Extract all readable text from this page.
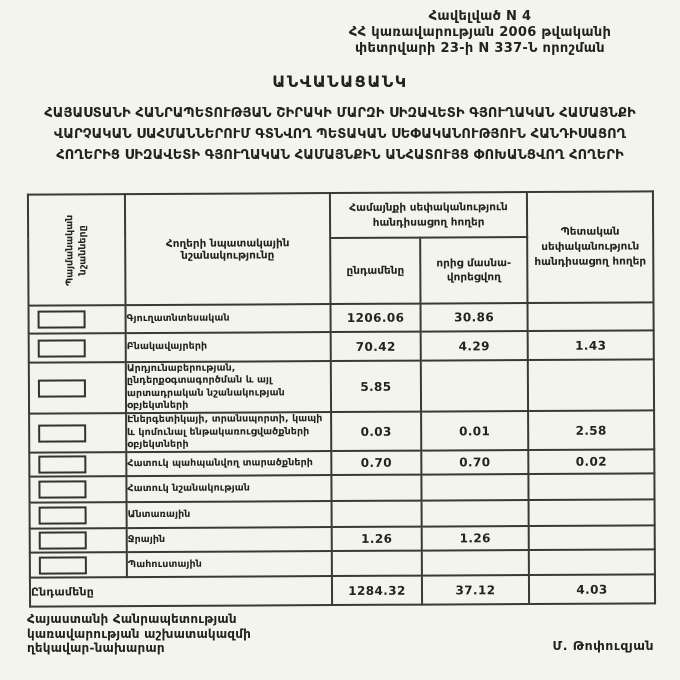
Հավելված N 4
ՀՀ կառավարության 2006 թվականի
փետրվարի 23-ի N 337-Ն որոշման
ԱՆՎԱՆԱՑԱՆԿ
ՀԱՅԱՍՏԱՆԻ ՀԱՆՐԱՊԵՏՈՒԹՅԱՆ ՇԻՐԱԿԻ ՄԱՐԶԻ ՍԻԶԱՎԵՏԻ ԳՅՈՒՂԱԿԱՆ ՀԱՄԱՅՆՔԻ
ՎԱՐՉԱԿԱՆ ՍԱՀՄԱՆՆԵՐՈՒՄ ԳՏՆՎՈՂ ՊԵՏԱԿԱՆ ՍԵՓԱԿԱՆՈՒԹՅՈՒՆ ՀԱՆԴԻՍԱՑՈՂ
ՀՈՂԵՐԻՑ ՍԻԶԱՎԵՏԻ ԳՅՈՒՂԱԿԱՆ ՀԱՄԱՅՆՔԻՆ ԱՆՀԱՏՈՒՅՑ ՓՈԽԱՆՑՎՈՂ ՀՈՂԵՐԻ
Պայմանական նշանները	Հողերի նպատակային նշանակությունը	Համայնքի սեփականություն հանդիսացող հողեր		Պետական սեփականություն հանդիսացող հողեր
		ընդամենը	որից մասնա- վորեցվող	

	Գյուղատնտեսական	1206.06	30.86	

	Բնակավայրերի	70.42	4.29	1.43

	Արդյունաբերության, ընդերքօգտագործման և այլ արտադրական նշանակության օբյեկտների	5.85		

	Էներգետիկայի, տրանսպորտի, կապի և կոմունալ ենթակառուցվածքների օբյեկտների	0.03	0.01	2.58

	Հատուկ պահպանվող տարածքների	0.70	0.70	0.02

	Հատուկ նշանակության			

	Անտառային			

	Ջրային	1.26	1.26	

	Պահուստային			
Ընդամենը		1284.32	37.12	4.03
Հայաստանի Հանրապետության
կառավարության աշխատակազմի
ղեկավար-նախարար	Մ. Թոփուզյան
